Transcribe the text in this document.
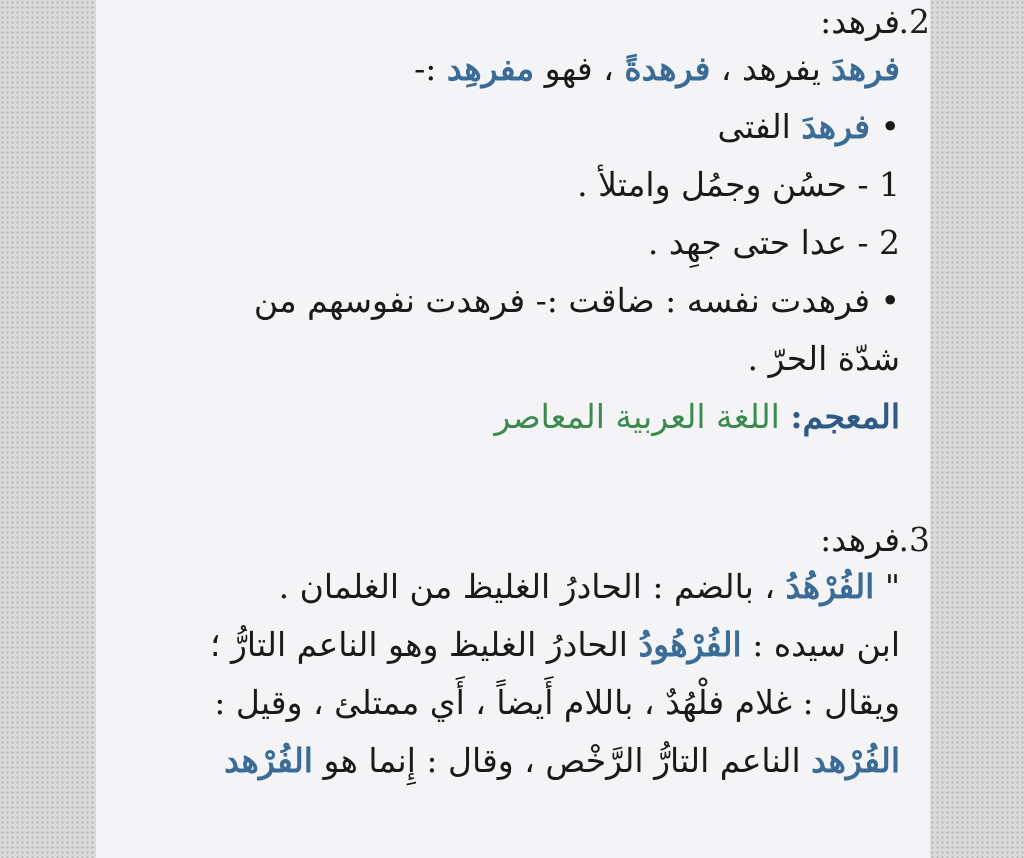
.2

فرهد:

فرهدَ يفرهد ، فرهدةً ، فهو مفرهِد :-

• فرهدَ الفتى

1 - حسُن وجمُل وامتلأ .

2 - عدا حتى جهِد .

• فرهدت نفسه : ضاقت :- فرهدت نفوسهم من شدّة الحرّ .

المعجم: اللغة العربية المعاصر

.3

فرهد:

" الفُرْهُدُ ، بالضم : الحادرُ الغليظ من الغلمان .

ابن سيده : الفُرْهُودُ الحادرُ الغليظ وهو الناعم التارُّ ؛

ويقال : غلام فلْهُدٌ ، باللام أَيضاً ، أَي ممتلئ ، وقيل :

الفُرْهد الناعم التارُّ الرَّخْص ، وقال : إِنما هو الفُرْهد
